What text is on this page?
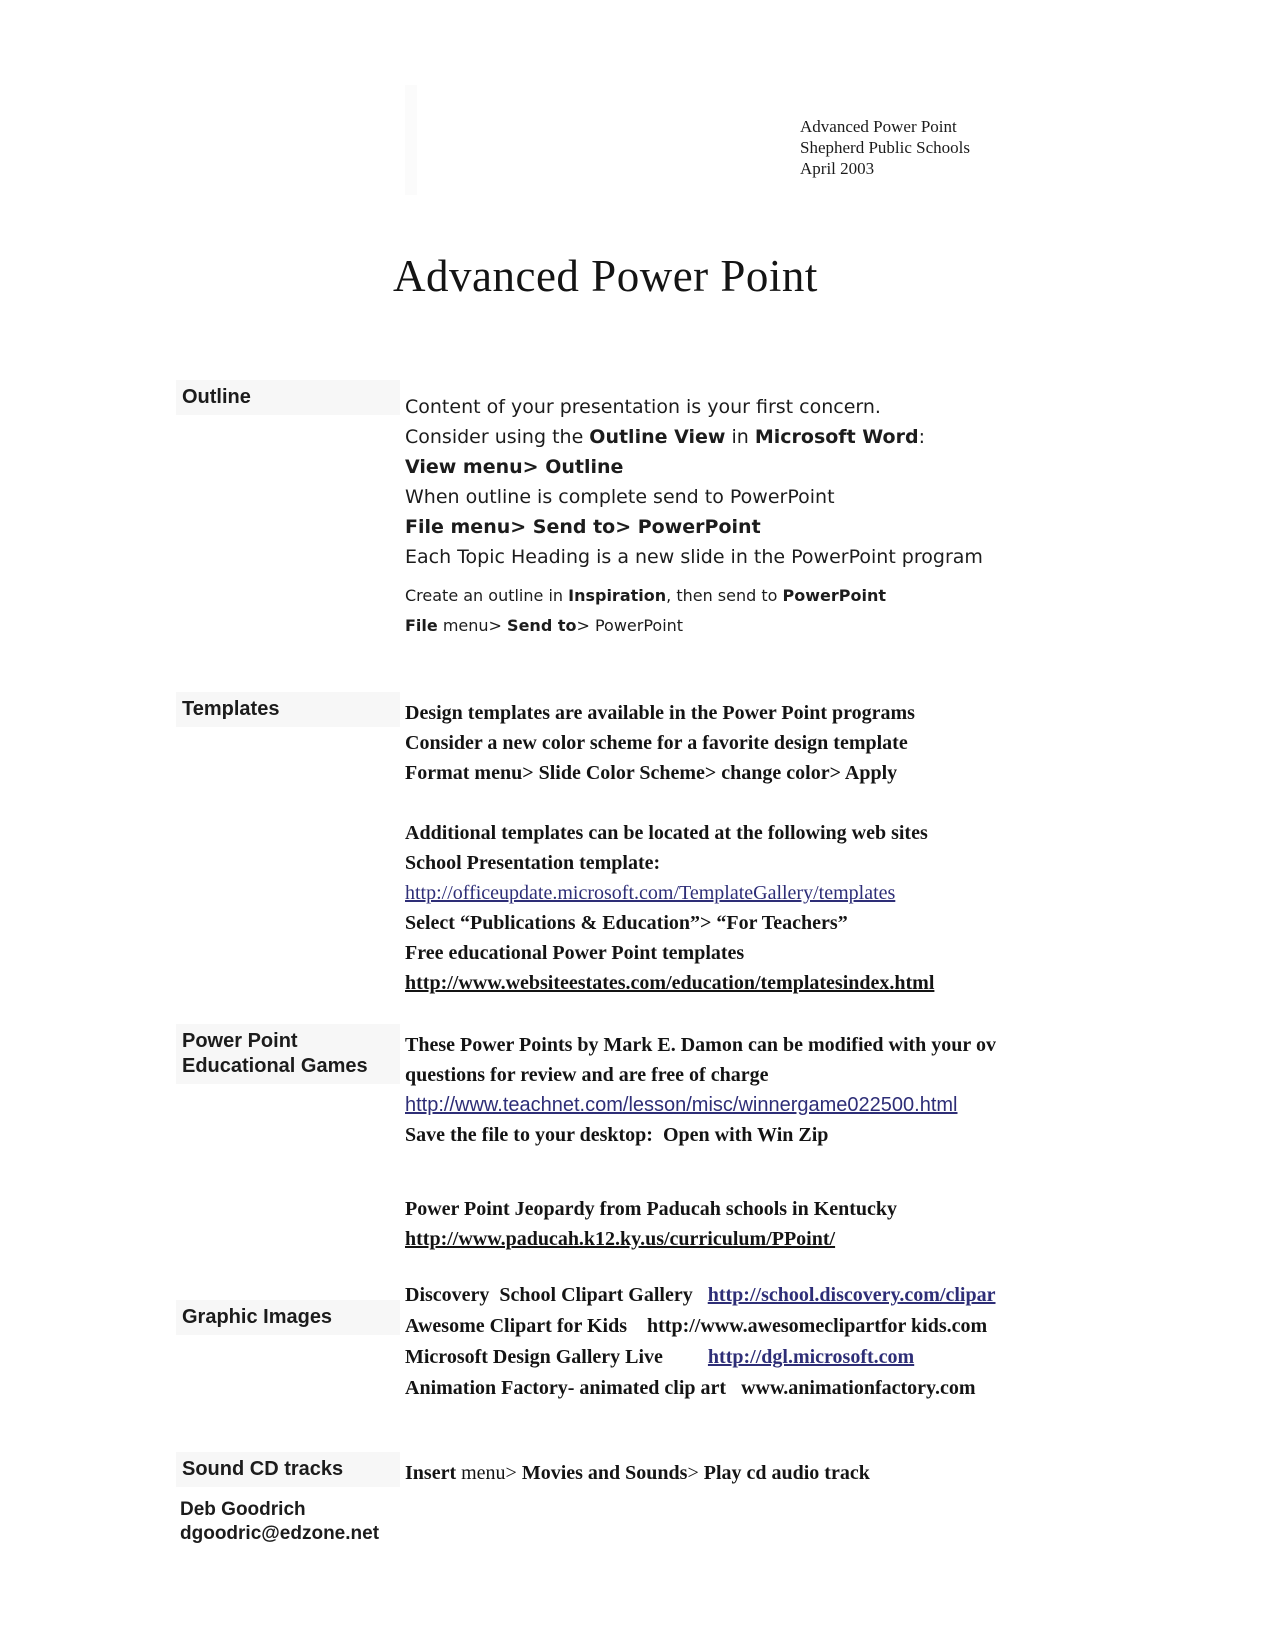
Advanced Power Point
Shepherd Public Schools
April 2003
Advanced Power Point
Outline
Templates
Power Point
Educational Games
Graphic Images
Sound CD tracks
Content of your presentation is your first concern.
Consider using the Outline View in Microsoft Word:
View menu> Outline
When outline is complete send to PowerPoint
File menu> Send to> PowerPoint
Each Topic Heading is a new slide in the PowerPoint program
Create an outline in Inspiration, then send to PowerPoint
File menu> Send to> PowerPoint
Design templates are available in the Power Point programs
Consider a new color scheme for a favorite design template
Format menu> Slide Color Scheme> change color> Apply
Additional templates can be located at the following web sites
School Presentation template:
http://officeupdate.microsoft.com/TemplateGallery/templates
Select “Publications & Education”> “For Teachers”
Free educational Power Point templates
http://www.websiteestates.com/education/templatesindex.html
These Power Points by Mark E. Damon can be modified with your ov
questions for review and are free of charge
http://www.teachnet.com/lesson/misc/winnergame022500.html
Save the file to your desktop:  Open with Win Zip
Power Point Jeopardy from Paducah schools in Kentucky
http://www.paducah.k12.ky.us/curriculum/PPoint/
Discovery  School Clipart Gallery   http://school.discovery.com/clipar
Awesome Clipart for Kids    http://www.awesomeclipartfor kids.com
Microsoft Design Gallery Live         http://dgl.microsoft.com
Animation Factory- animated clip art   www.animationfactory.com
Insert menu> Movies and Sounds> Play cd audio track
Deb Goodrich
dgoodric@edzone.net
